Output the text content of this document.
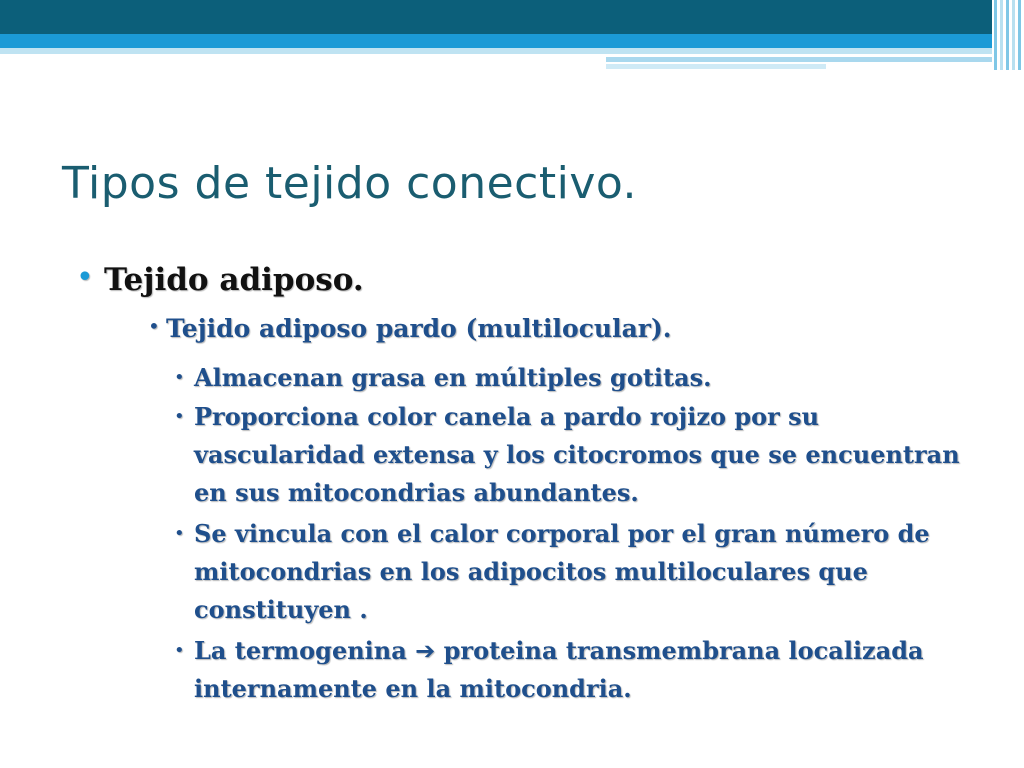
Tipos de tejido conectivo.
• Tejido adiposo.
• Tejido adiposo pardo (multilocular).
• Almacenan grasa en múltiples gotitas.
• Proporciona color canela a pardo rojizo por su vascularidad extensa y los citocromos que se encuentran en sus mitocondrias abundantes.
• Se vincula con el calor corporal por el gran número de mitocondrias en los adipocitos multiloculares que constituyen .
• La termogenina ➔ proteina transmembrana localizada internamente en la mitocondria.
